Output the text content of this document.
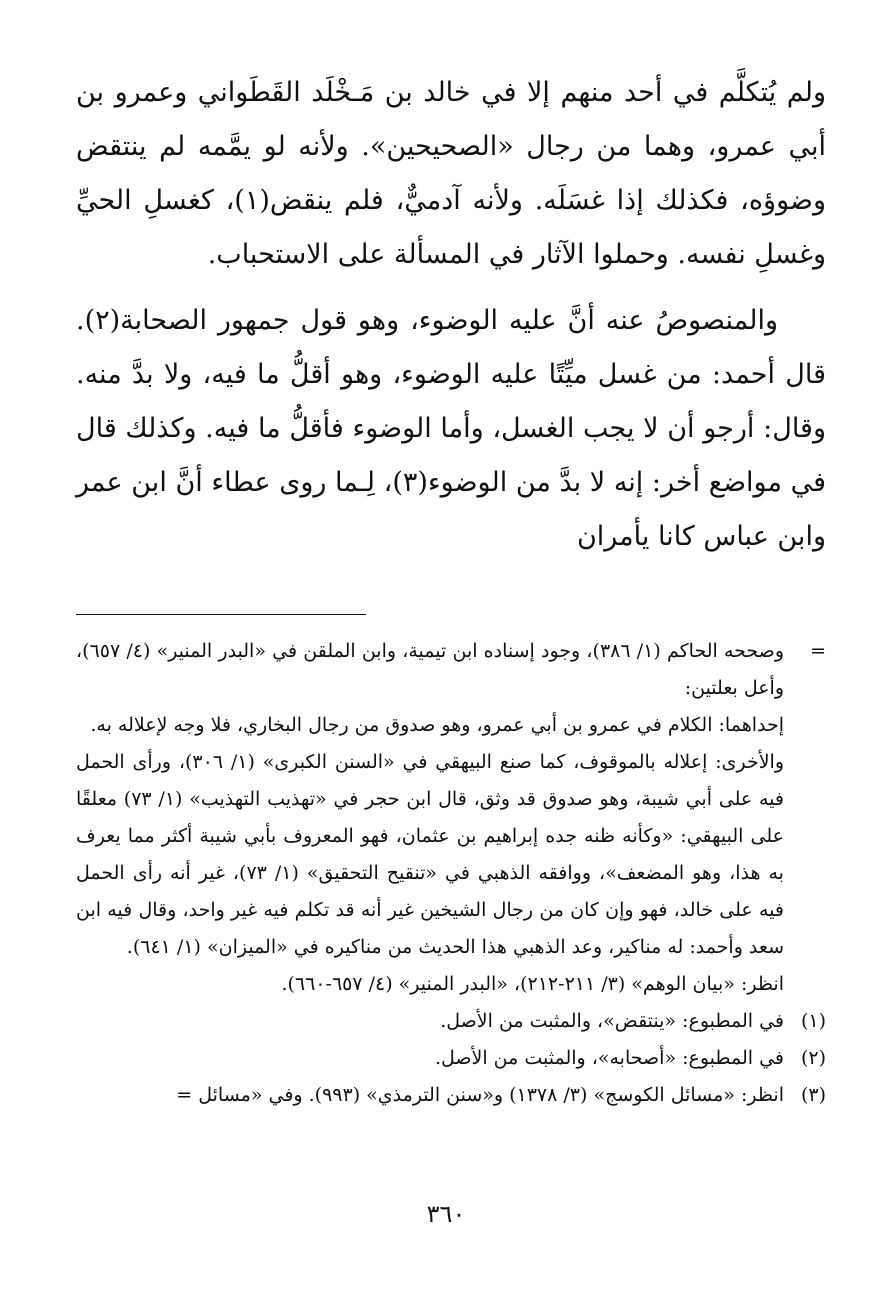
ولم يُتكلَّم في أحد منهم إلا في خالد بن مَـخْلَد القَطَواني وعمرو بن أبي عمرو، وهما من رجال «الصحيحين». ولأنه لو يمَّمه لم ينتقض وضوؤه، فكذلك إذا غسَلَه. ولأنه آدميٌّ، فلم ينقض(١)، كغسلِ الحيِّ وغسلِ نفسه. وحملوا الآثار في المسألة على الاستحباب.

والمنصوصُ عنه أنَّ عليه الوضوء، وهو قول جمهور الصحابة(٢). قال أحمد: من غسل ميِّتًا عليه الوضوء، وهو أقلُّ ما فيه، ولا بدَّ منه. وقال: أرجو أن لا يجب الغسل، وأما الوضوء فأقلُّ ما فيه. وكذلك قال في مواضع أخر: إنه لا بدَّ من الوضوء(٣)، لِـما روى عطاء أنَّ ابن عمر وابن عباس كانا يأمران

=

وصححه الحاكم (١/ ٣٨٦)، وجود إسناده ابن تيمية، وابن الملقن في «البدر المنير» (٤/ ٦٥٧)، وأعل بعلتين:

إحداهما: الكلام في عمرو بن أبي عمرو، وهو صدوق من رجال البخاري، فلا وجه لإعلاله به.

والأخرى: إعلاله بالموقوف، كما صنع البيهقي في «السنن الكبرى» (١/ ٣٠٦)، ورأى الحمل فيه على أبي شيبة، وهو صدوق قد وثق، قال ابن حجر في «تهذيب التهذيب» (١/ ٧٣) معلقًا على البيهقي: «وكأنه ظنه جده إبراهيم بن عثمان، فهو المعروف بأبي شيبة أكثر مما يعرف به هذا، وهو المضعف»، ووافقه الذهبي في «تنقيح التحقيق» (١/ ٧٣)، غير أنه رأى الحمل فيه على خالد، فهو وإن كان من رجال الشيخين غير أنه قد تكلم فيه غير واحد، وقال فيه ابن سعد وأحمد: له مناكير، وعد الذهبي هذا الحديث من مناكيره في «الميزان» (١/ ٦٤١).

انظر: «بيان الوهم» (٣/ ٢١١-٢١٢)، «البدر المنير» (٤/ ٦٥٧-٦٦٠).

(١)

في المطبوع: «ينتقض»، والمثبت من الأصل.

(٢)

في المطبوع: «أصحابه»، والمثبت من الأصل.

(٣)

انظر: «مسائل الكوسج» (٣/ ١٣٧٨) و«سنن الترمذي» (٩٩٣). وفي «مسائل =

٣٦٠
